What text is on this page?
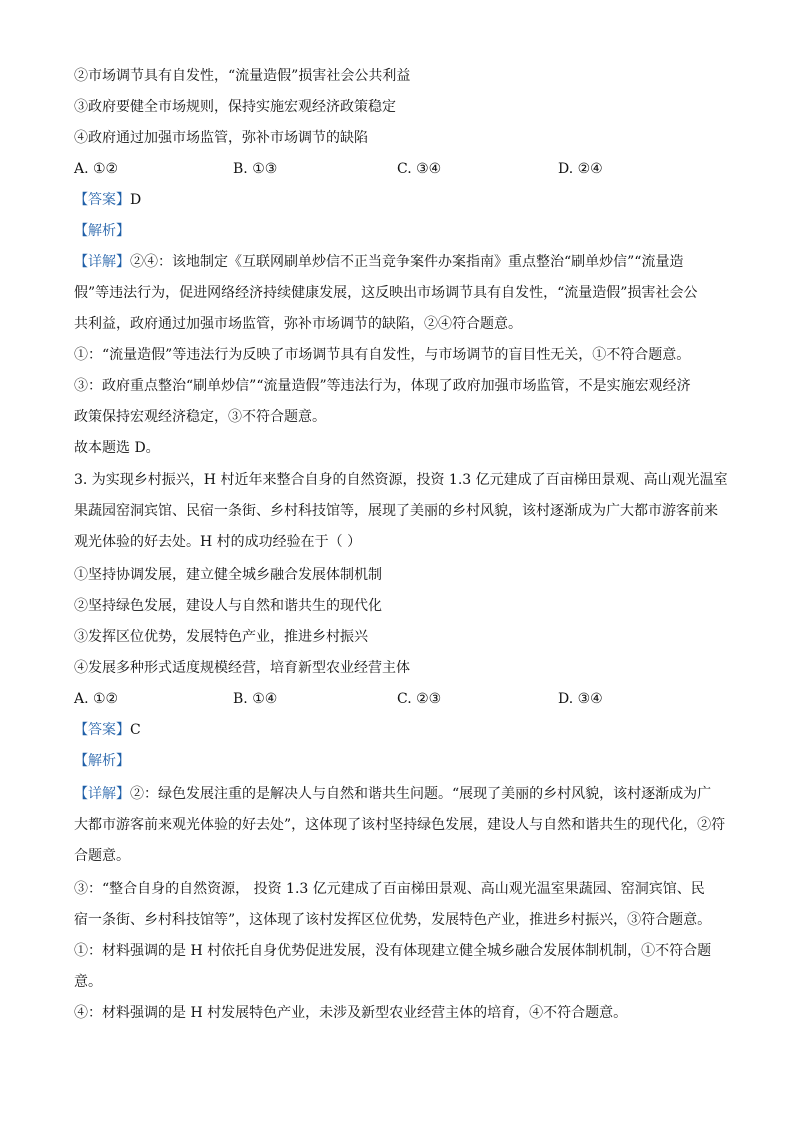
②市场调节具有自发性，“流量造假”损害社会公共利益
③政府要健全市场规则，保持实施宏观经济政策稳定
④政府通过加强市场监管，弥补市场调节的缺陷
A. ①②	B. ①③	C. ③④	D. ②④
【答案】D
【解析】
【详解】②④：该地制定《互联网刷单炒信不正当竞争案件办案指南》重点整治“刷单炒信”“流量造
假”等违法行为，促进网络经济持续健康发展，这反映出市场调节具有自发性，“流量造假”损害社会公
共利益，政府通过加强市场监管，弥补市场调节的缺陷，②④符合题意。
①：“流量造假”等违法行为反映了市场调节具有自发性，与市场调节的盲目性无关，①不符合题意。
③：政府重点整治“刷单炒信”“流量造假”等违法行为，体现了政府加强市场监管，不是实施宏观经济
政策保持宏观经济稳定，③不符合题意。
故本题选 D。
3. 为实现乡村振兴，H 村近年来整合自身的自然资源，投资 1.3 亿元建成了百亩梯田景观、高山观光温室
果蔬园窑洞宾馆、民宿一条街、乡村科技馆等，展现了美丽的乡村风貌，该村逐渐成为广大都市游客前来
观光体验的好去处。H 村的成功经验在于（ ）
①坚持协调发展，建立健全城乡融合发展体制机制
②坚持绿色发展，建设人与自然和谐共生的现代化
③发挥区位优势，发展特色产业，推进乡村振兴
④发展多种形式适度规模经营，培育新型农业经营主体
A. ①②	B. ①④	C. ②③	D. ③④
【答案】C
【解析】
【详解】②：绿色发展注重的是解决人与自然和谐共生问题。“展现了美丽的乡村风貌，该村逐渐成为广
大都市游客前来观光体验的好去处”，这体现了该村坚持绿色发展，建设人与自然和谐共生的现代化，②符
合题意。
③：“整合自身的自然资源， 投资 1.3 亿元建成了百亩梯田景观、高山观光温室果蔬园、窑洞宾馆、民
宿一条街、乡村科技馆等”，这体现了该村发挥区位优势，发展特色产业，推进乡村振兴，③符合题意。
①：材料强调的是 H 村依托自身优势促进发展，没有体现建立健全城乡融合发展体制机制，①不符合题
意。
④：材料强调的是 H 村发展特色产业，未涉及新型农业经营主体的培育，④不符合题意。
